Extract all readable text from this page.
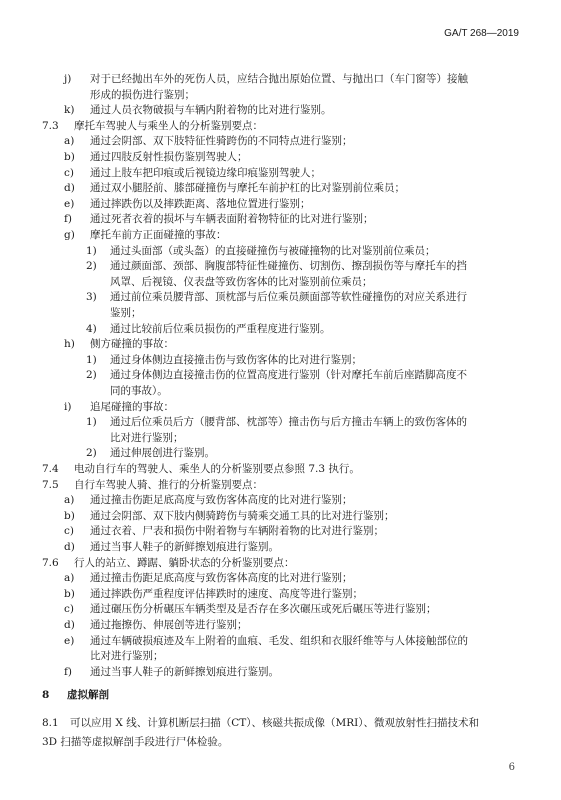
GA/T 268—2019
j) 对于已经抛出车外的死伤人员，应结合抛出原始位置、与抛出口（车门窗等）接触
形成的损伤进行鉴别；
k) 通过人员衣物破损与车辆内附着物的比对进行鉴别。
7.3 摩托车驾驶人与乘坐人的分析鉴别要点：
a) 通过会阴部、双下肢特征性骑跨伤的不同特点进行鉴别；
b) 通过四肢反射性损伤鉴别驾驶人；
c) 通过上肢车把印痕或后视镜边缘印痕鉴别驾驶人；
d) 通过双小腿胫前、膝部碰撞伤与摩托车前护杠的比对鉴别前位乘员；
e) 通过摔跌伤以及摔跌距离、落地位置进行鉴别；
f) 通过死者衣着的损坏与车辆表面附着物特征的比对进行鉴别；
g) 摩托车前方正面碰撞的事故：
1) 通过头面部（或头盔）的直接碰撞伤与被碰撞物的比对鉴别前位乘员；
2) 通过颜面部、颈部、胸腹部特征性碰撞伤、切割伤、擦刮损伤等与摩托车的挡
风罩、后视镜、仪表盘等致伤客体的比对鉴别前位乘员；
3) 通过前位乘员腰背部、顶枕部与后位乘员颜面部等软性碰撞伤的对应关系进行
鉴别；
4) 通过比较前后位乘员损伤的严重程度进行鉴别。
h) 侧方碰撞的事故：
1) 通过身体侧边直接撞击伤与致伤客体的比对进行鉴别；
2) 通过身体侧边直接撞击伤的位置高度进行鉴别（针对摩托车前后座踏脚高度不
同的事故）。
i) 追尾碰撞的事故：
1) 通过后位乘员后方（腰背部、枕部等）撞击伤与后方撞击车辆上的致伤客体的
比对进行鉴别；
2) 通过伸展创进行鉴别。
7.4 电动自行车的驾驶人、乘坐人的分析鉴别要点参照 7.3 执行。
7.5 自行车驾驶人骑、推行的分析鉴别要点：
a) 通过撞击伤距足底高度与致伤客体高度的比对进行鉴别；
b) 通过会阴部、双下肢内侧骑跨伤与骑乘交通工具的比对进行鉴别；
c) 通过衣着、尸表和损伤中附着物与车辆附着物的比对进行鉴别；
d) 通过当事人鞋子的新鲜擦划痕进行鉴别。
7.6 行人的站立、蹲踞、躺卧状态的分析鉴别要点：
a) 通过撞击伤距足底高度与致伤客体高度的比对进行鉴别；
b) 通过摔跌伤严重程度评估摔跌时的速度、高度等进行鉴别；
c) 通过碾压伤分析碾压车辆类型及是否存在多次碾压或死后碾压等进行鉴别；
d) 通过拖擦伤、伸展创等进行鉴别；
e) 通过车辆破损痕迹及车上附着的血痕、毛发、组织和衣服纤维等与人体接触部位的
比对进行鉴别；
f) 通过当事人鞋子的新鲜擦划痕进行鉴别。
8 虚拟解剖
8.1 可以应用 X 线、计算机断层扫描（CT）、核磁共振成像（MRI）、微观放射性扫描技术和
3D 扫描等虚拟解剖手段进行尸体检验。
6
